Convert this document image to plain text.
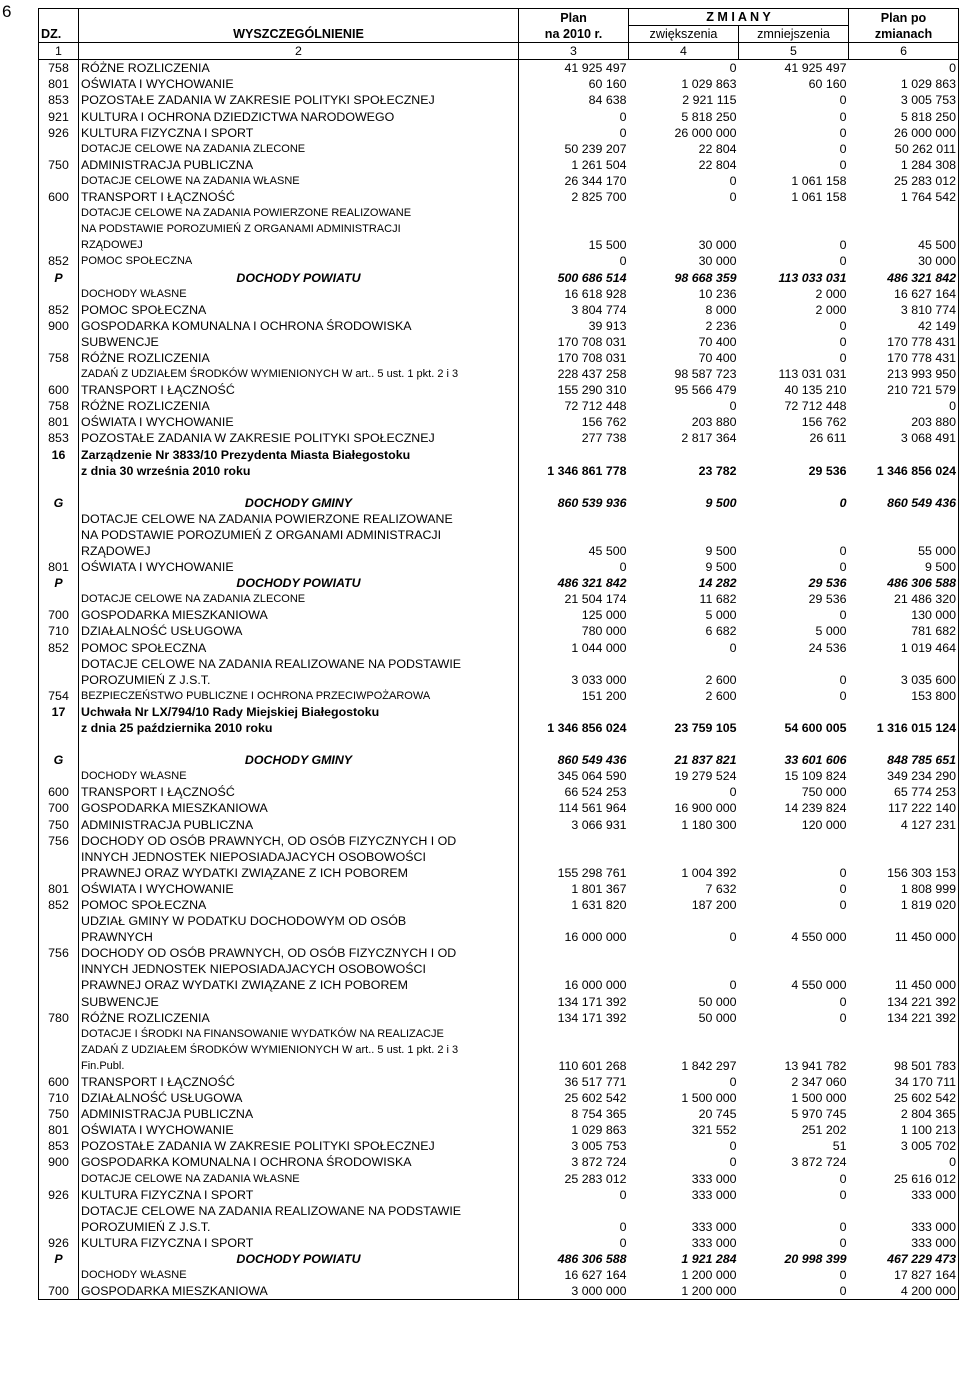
6
			Plan	Z M I A N Y		Plan po
DZ.	WYSZCZEGÓLNIENIE	na 2010 r.	zwiększenia	zmniejszenia	zmianach
1	2	3	4	5	6
758	RÓŻNE ROZLICZENIA	41 925 497	0	41 925 497	0
801	OŚWIATA I WYCHOWANIE	60 160	1 029 863	60 160	1 029 863
853	POZOSTAŁE ZADANIA W ZAKRESIE POLITYKI SPOŁECZNEJ	84 638	2 921 115	0	3 005 753
921	KULTURA I OCHRONA DZIEDZICTWA NARODOWEGO	0	5 818 250	0	5 818 250
926	KULTURA FIZYCZNA I SPORT	0	26 000 000	0	26 000 000
	DOTACJE CELOWE NA ZADANIA ZLECONE	50 239 207	22 804	0	50 262 011
750	ADMINISTRACJA PUBLICZNA	1 261 504	22 804	0	1 284 308
	DOTACJE CELOWE NA ZADANIA WŁASNE	26 344 170	0	1 061 158	25 283 012
600	TRANSPORT I ŁĄCZNOŚĆ	2 825 700	0	1 061 158	1 764 542
	DOTACJE CELOWE NA ZADANIA POWIERZONE REALIZOWANE				
	NA PODSTAWIE POROZUMIEŃ Z ORGANAMI ADMINISTRACJI				
	RZĄDOWEJ	15 500	30 000	0	45 500
852	POMOC SPOŁECZNA	0	30 000	0	30 000
P	DOCHODY POWIATU	500 686 514	98 668 359	113 033 031	486 321 842
	DOCHODY WŁASNE	16 618 928	10 236	2 000	16 627 164
852	POMOC SPOŁECZNA	3 804 774	8 000	2 000	3 810 774
900	GOSPODARKA KOMUNALNA I OCHRONA ŚRODOWISKA	39 913	2 236	0	42 149
	SUBWENCJE	170 708 031	70 400	0	170 778 431
758	RÓŻNE ROZLICZENIA	170 708 031	70 400	0	170 778 431
	ZADAŃ Z UDZIAŁEM ŚRODKÓW WYMIENIONYCH W art.. 5 ust. 1 pkt. 2 i 3	228 437 258	98 587 723	113 031 031	213 993 950
600	TRANSPORT I ŁĄCZNOŚĆ	155 290 310	95 566 479	40 135 210	210 721 579
758	RÓŻNE ROZLICZENIA	72 712 448	0	72 712 448	0
801	OŚWIATA I WYCHOWANIE	156 762	203 880	156 762	203 880
853	POZOSTAŁE ZADANIA W ZAKRESIE POLITYKI SPOŁECZNEJ	277 738	2 817 364	26 611	3 068 491
16	Zarządzenie Nr 3833/10 Prezydenta Miasta Białegostoku				
	z dnia 30 września 2010 roku	1 346 861 778	23 782	29 536	1 346 856 024

G	DOCHODY GMINY	860 539 936	9 500	0	860 549 436
	DOTACJE CELOWE NA ZADANIA POWIERZONE REALIZOWANE				
	NA PODSTAWIE POROZUMIEŃ Z ORGANAMI ADMINISTRACJI				
	RZĄDOWEJ	45 500	9 500	0	55 000
801	OŚWIATA I WYCHOWANIE	0	9 500	0	9 500
P	DOCHODY POWIATU	486 321 842	14 282	29 536	486 306 588
	DOTACJE CELOWE NA ZADANIA ZLECONE	21 504 174	11 682	29 536	21 486 320
700	GOSPODARKA MIESZKANIOWA	125 000	5 000	0	130 000
710	DZIAŁALNOŚĆ USŁUGOWA	780 000	6 682	5 000	781 682
852	POMOC SPOŁECZNA	1 044 000	0	24 536	1 019 464
	DOTACJE CELOWE NA ZADANIA REALIZOWANE NA PODSTAWIE				
	POROZUMIEŃ Z J.S.T.	3 033 000	2 600	0	3 035 600
754	BEZPIECZEŃSTWO PUBLICZNE I OCHRONA PRZECIWPOŻAROWA	151 200	2 600	0	153 800
17	Uchwała Nr LX/794/10 Rady Miejskiej Białegostoku				
	z dnia 25 października 2010 roku	1 346 856 024	23 759 105	54 600 005	1 316 015 124

G	DOCHODY GMINY	860 549 436	21 837 821	33 601 606	848 785 651
	DOCHODY WŁASNE	345 064 590	19 279 524	15 109 824	349 234 290
600	TRANSPORT I ŁĄCZNOŚĆ	66 524 253	0	750 000	65 774 253
700	GOSPODARKA MIESZKANIOWA	114 561 964	16 900 000	14 239 824	117 222 140
750	ADMINISTRACJA PUBLICZNA	3 066 931	1 180 300	120 000	4 127 231
756	DOCHODY OD OSÓB PRAWNYCH, OD OSÓB FIZYCZNYCH I OD				
	INNYCH JEDNOSTEK NIEPOSIADAJACYCH OSOBOWOŚCI				
	PRAWNEJ ORAZ WYDATKI ZWIĄZANE Z ICH POBOREM	155 298 761	1 004 392	0	156 303 153
801	OŚWIATA I WYCHOWANIE	1 801 367	7 632	0	1 808 999
852	POMOC SPOŁECZNA	1 631 820	187 200	0	1 819 020
	UDZIAŁ GMINY W PODATKU DOCHODOWYM OD OSÓB				
	PRAWNYCH	16 000 000	0	4 550 000	11 450 000
756	DOCHODY OD OSÓB PRAWNYCH, OD OSÓB FIZYCZNYCH I OD				
	INNYCH JEDNOSTEK NIEPOSIADAJACYCH OSOBOWOŚCI				
	PRAWNEJ ORAZ WYDATKI ZWIĄZANE Z ICH POBOREM	16 000 000	0	4 550 000	11 450 000
	SUBWENCJE	134 171 392	50 000	0	134 221 392
780	RÓŻNE ROZLICZENIA	134 171 392	50 000	0	134 221 392
	DOTACJE I ŚRODKI NA FINANSOWANIE WYDATKÓW NA REALIZACJE				
	ZADAŃ Z UDZIAŁEM ŚRODKÓW WYMIENIONYCH W art.. 5 ust. 1 pkt. 2 i 3				
	Fin.Publ.	110 601 268	1 842 297	13 941 782	98 501 783
600	TRANSPORT I ŁĄCZNOŚĆ	36 517 771	0	2 347 060	34 170 711
710	DZIAŁALNOŚĆ USŁUGOWA	25 602 542	1 500 000	1 500 000	25 602 542
750	ADMINISTRACJA PUBLICZNA	8 754 365	20 745	5 970 745	2 804 365
801	OŚWIATA I WYCHOWANIE	1 029 863	321 552	251 202	1 100 213
853	POZOSTAŁE ZADANIA W ZAKRESIE POLITYKI SPOŁECZNEJ	3 005 753	0	51	3 005 702
900	GOSPODARKA KOMUNALNA I OCHRONA ŚRODOWISKA	3 872 724	0	3 872 724	0
	DOTACJE CELOWE NA ZADANIA WŁASNE	25 283 012	333 000	0	25 616 012
926	KULTURA FIZYCZNA I SPORT	0	333 000	0	333 000
	DOTACJE CELOWE NA ZADANIA REALIZOWANE NA PODSTAWIE				
	POROZUMIEŃ Z J.S.T.	0	333 000	0	333 000
926	KULTURA FIZYCZNA I SPORT	0	333 000	0	333 000
P	DOCHODY POWIATU	486 306 588	1 921 284	20 998 399	467 229 473
	DOCHODY WŁASNE	16 627 164	1 200 000	0	17 827 164
700	GOSPODARKA MIESZKANIOWA	3 000 000	1 200 000	0	4 200 000
